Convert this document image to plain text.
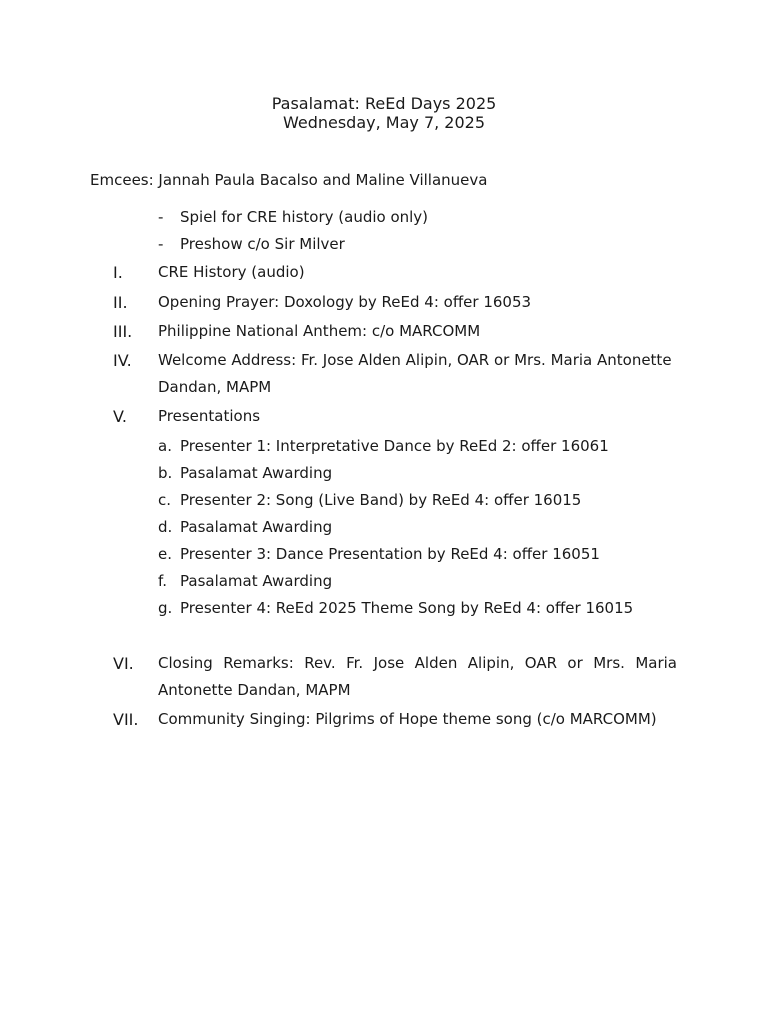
Pasalamat: ReEd Days 2025
Wednesday, May 7, 2025
Emcees: Jannah Paula Bacalso and Maline Villanueva
- Spiel for CRE history (audio only)
- Preshow c/o Sir Milver
I. CRE History (audio)
II. Opening Prayer: Doxology by ReEd 4: offer 16053
III. Philippine National Anthem: c/o MARCOMM
IV. Welcome Address: Fr. Jose Alden Alipin, OAR or Mrs. Maria Antonette Dandan, MAPM
V. Presentations
a. Presenter 1: Interpretative Dance by ReEd 2: offer 16061
b. Pasalamat Awarding
c. Presenter 2: Song (Live Band) by ReEd 4: offer 16015
d. Pasalamat Awarding
e. Presenter 3: Dance Presentation by ReEd 4: offer 16051
f. Pasalamat Awarding
g. Presenter 4: ReEd 2025 Theme Song by ReEd 4: offer 16015
VI. Closing Remarks: Rev. Fr. Jose Alden Alipin, OAR or Mrs. Maria Antonette Dandan, MAPM
VII. Community Singing: Pilgrims of Hope theme song (c/o MARCOMM)
